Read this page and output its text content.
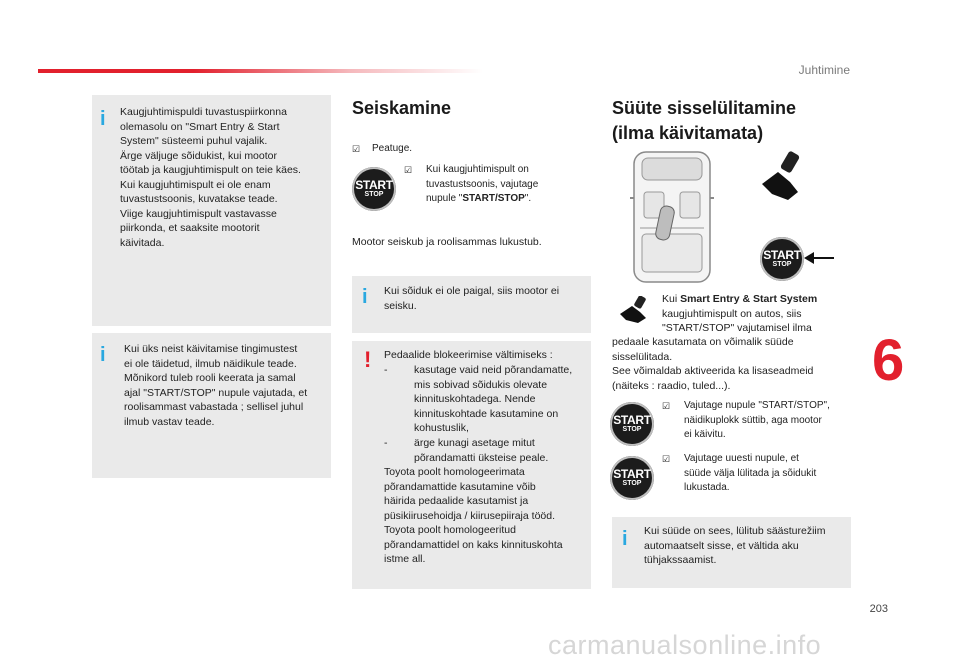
Juhtimine
6
203
carmanualsonline.info
i Kaugjuhtimispuldi tuvastuspiirkonna
olemasolu on "Smart Entry & Start
System" süsteemi puhul vajalik.
Ärge väljuge sõidukist, kui mootor
töötab ja kaugjuhtimispult on teie käes.
Kui kaugjuhtimispult ei ole enam
tuvastustsoonis, kuvatakse teade.
Viige kaugjuhtimispult vastavasse
piirkonda, et saaksite mootorit
käivitada.
i Kui üks neist käivitamise tingimustest
ei ole täidetud, ilmub näidikule teade.
Mõnikord tuleb rooli keerata ja samal
ajal "START/STOP" nupule vajutada, et
roolisammast vabastada ; sellisel juhul
ilmub vastav teade.
Seiskamine
☑ Peatuge.
START
STOP
☑ Kui kaugjuhtimispult on
tuvastustsoonis, vajutage
nupule "START/STOP".
Mootor seiskub ja roolisammas lukustub.
i Kui sõiduk ei ole paigal, siis mootor ei
seisku.
! Pedaalide blokeerimise vältimiseks :
-	kasutage vaid neid põrandamatte,
mis sobivad sõidukis olevate
kinnituskohtadega. Nende
kinnituskohtade kasutamine on
kohustuslik,
-	ärge kunagi asetage mitut
põrandamatti üksteise peale.
Toyota poolt homologeerimata
põrandamattide kasutamine võib
häirida pedaalide kasutamist ja
püsikiirusehoidja / kiirusepiiraja tööd.
Toyota poolt homologeeritud
põrandamattidel on kaks kinnituskohta
istme all.
Süüte sisselülitamine
(ilma käivitamata)
START
STOP
Kui Smart Entry & Start System
kaugjuhtimispult on autos, siis
"START/STOP" vajutamisel ilma
pedaale kasutamata on võimalik süüde
sisselülitada.
See võimaldab aktiveerida ka lisaseadmeid
(näiteks : raadio, tuled...).
START
STOP
☑ Vajutage nupule "START/STOP",
näidikuplokk süttib, aga mootor
ei käivitu.
START
STOP
☑ Vajutage uuesti nupule, et
süüde välja lülitada ja sõidukit
lukustada.
i Kui süüde on sees, lülitub säästurežiim
automaatselt sisse, et vältida aku
tühjakssaamist.
